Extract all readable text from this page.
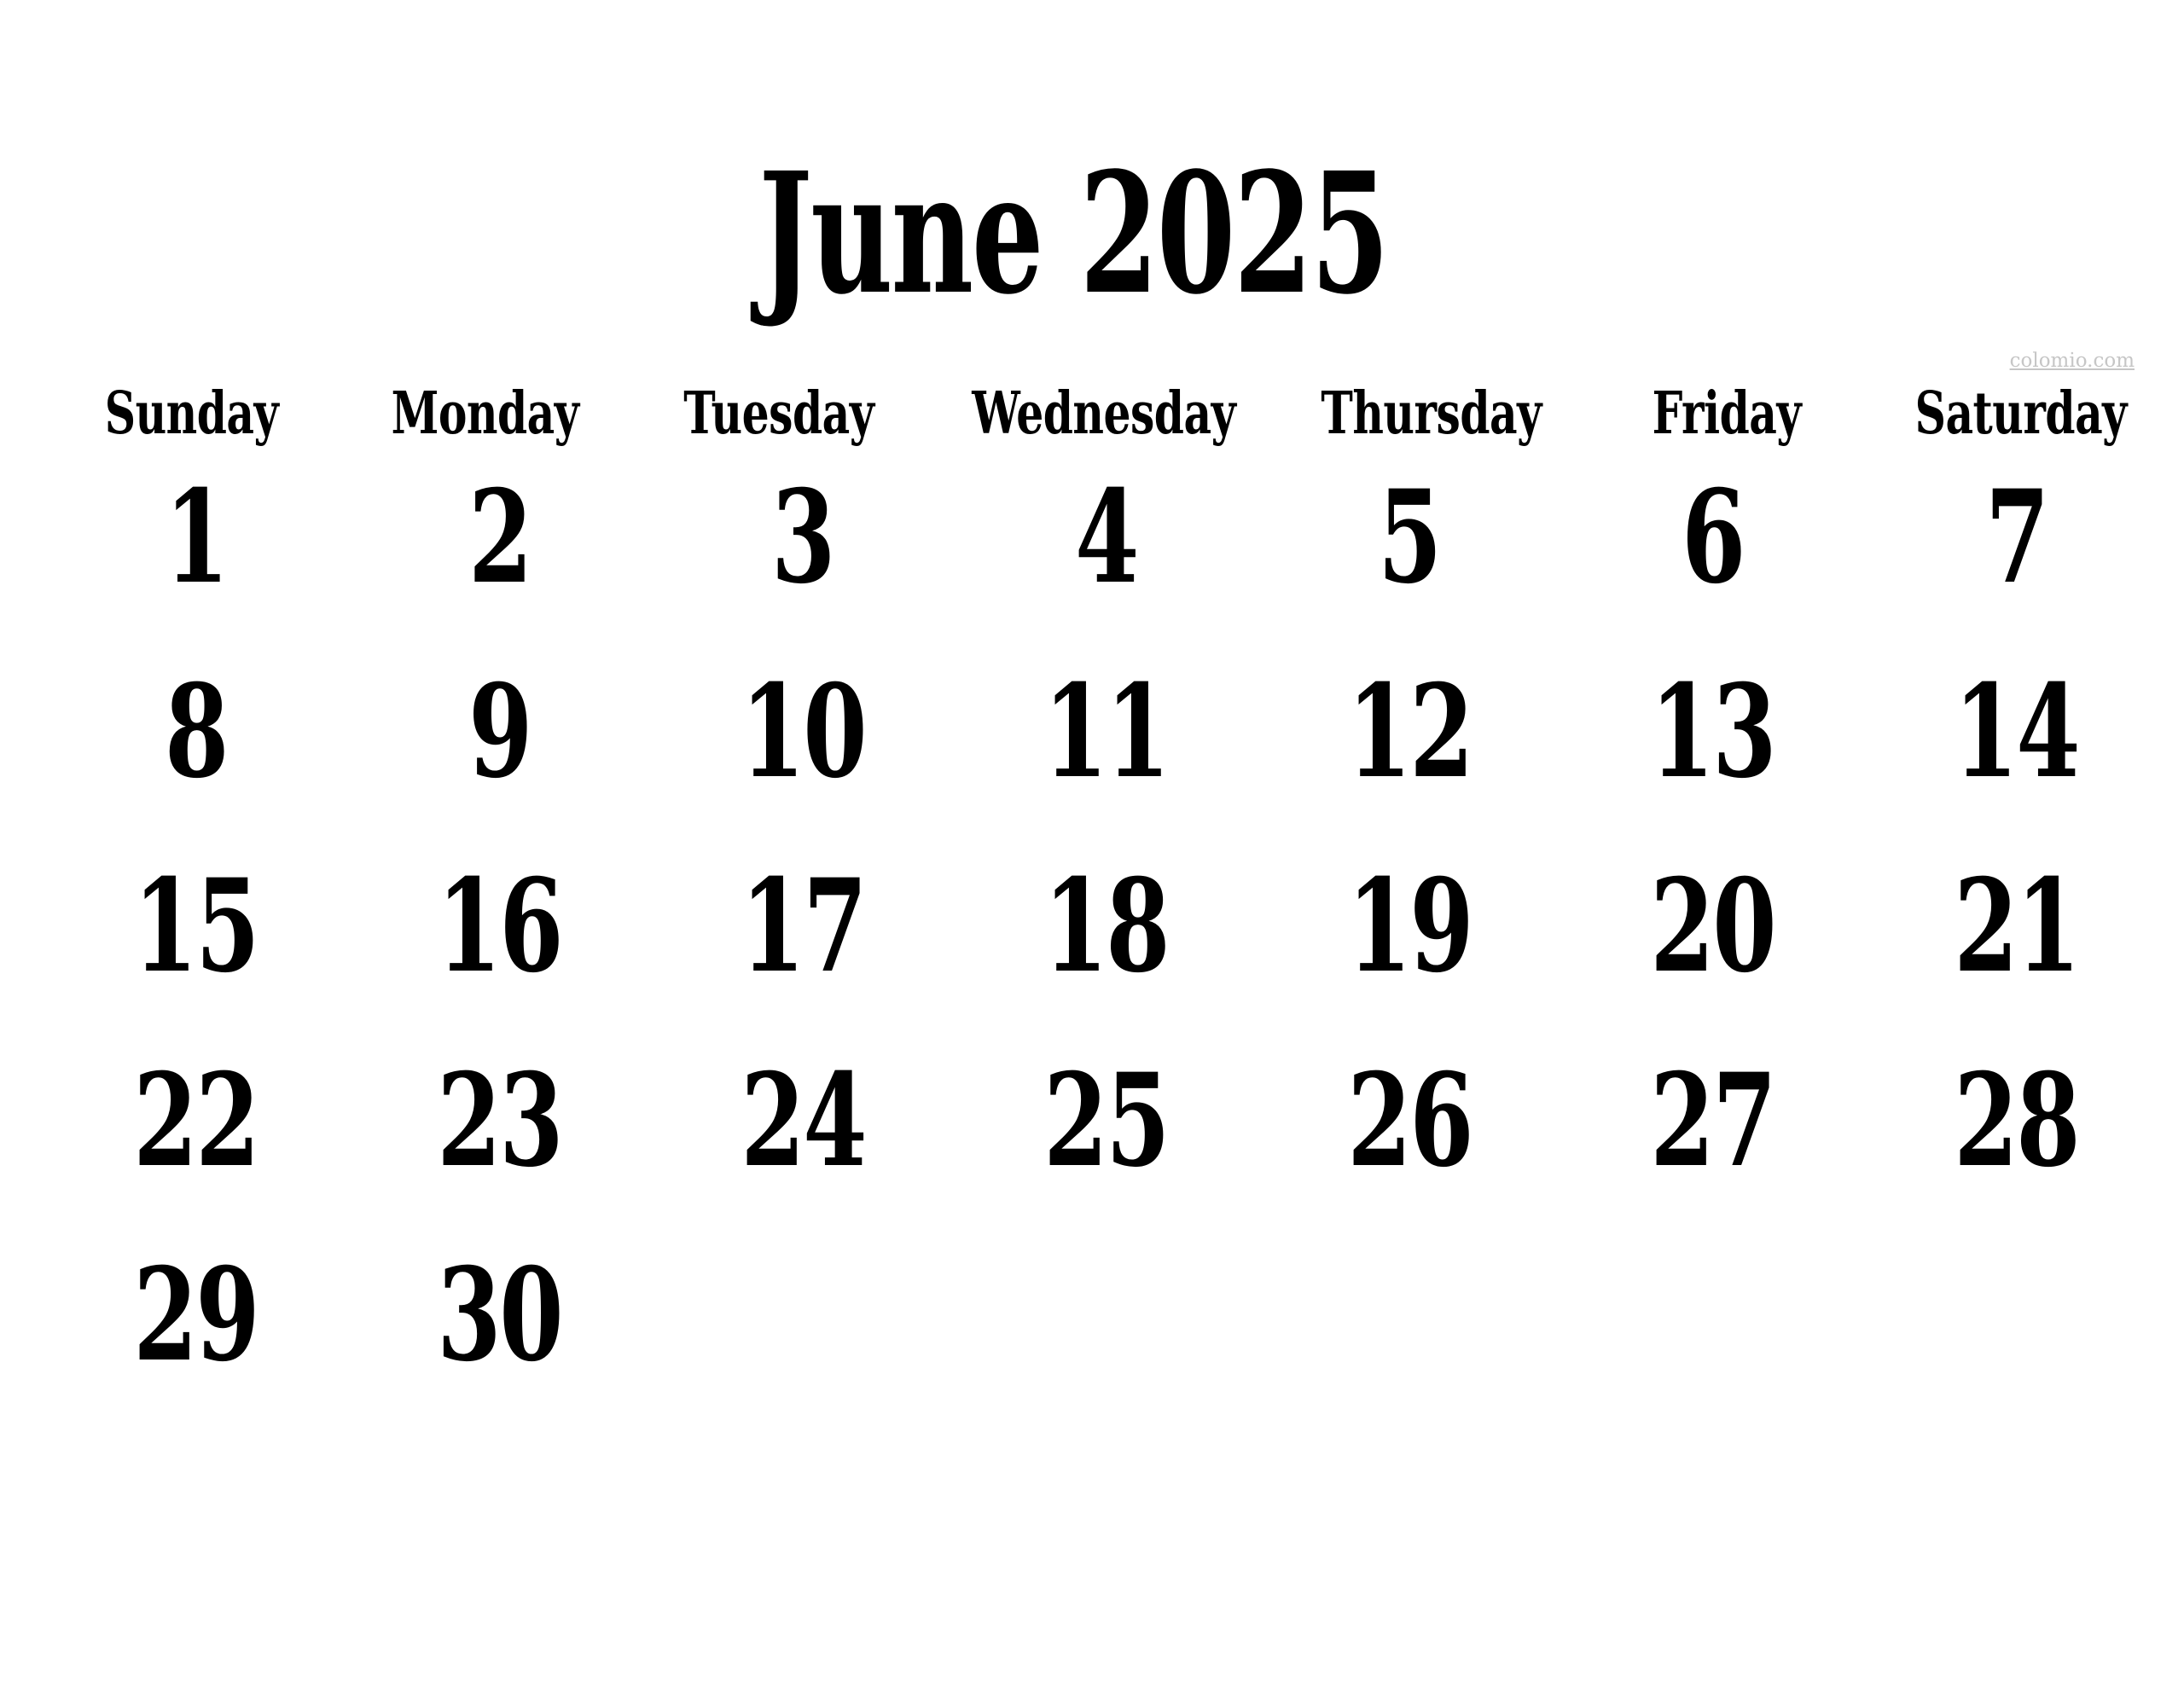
June 2025
colomio.com
Sunday Monday Tuesday Wednesday Thursday Friday Saturday
1 2 3 4 5 6 7
8 9 10 11 12 13 14
15 16 17 18 19 20 21
22 23 24 25 26 27 28
29 30
